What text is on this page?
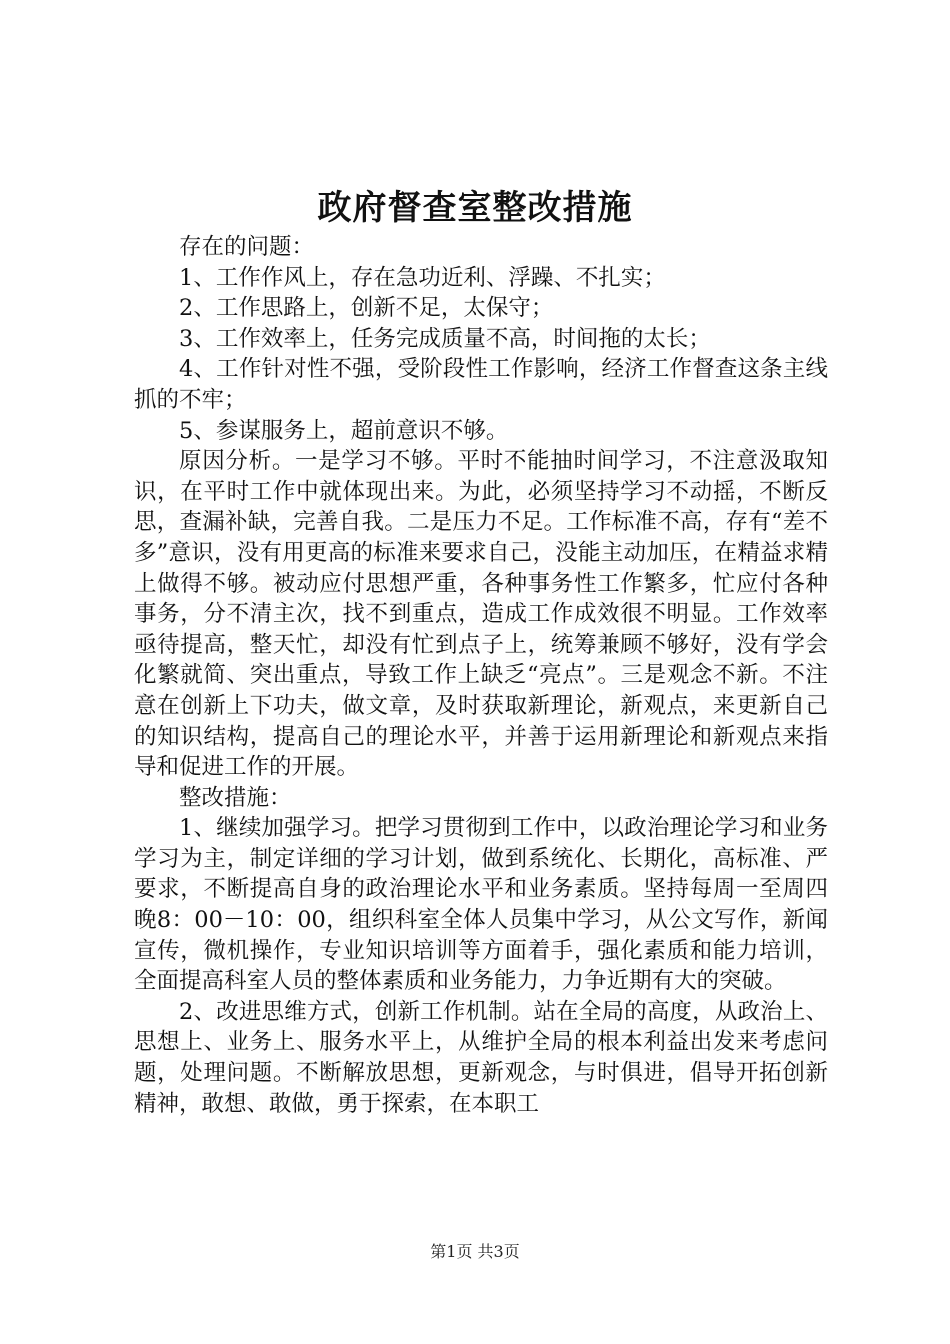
政府督查室整改措施

存在的问题：

1、工作作风上，存在急功近利、浮躁、不扎实；

2、工作思路上，创新不足，太保守；

3、工作效率上，任务完成质量不高，时间拖的太长；

4、工作针对性不强，受阶段性工作影响，经济工作督查这条主线抓的不牢；

5、参谋服务上，超前意识不够。

原因分析。一是学习不够。平时不能抽时间学习，不注意汲取知识，在平时工作中就体现出来。为此，必须坚持学习不动摇，不断反思，查漏补缺，完善自我。二是压力不足。工作标准不高，存有“差不多”意识，没有用更高的标准来要求自己，没能主动加压，在精益求精上做得不够。被动应付思想严重，各种事务性工作繁多，忙应付各种事务，分不清主次，找不到重点，造成工作成效很不明显。工作效率亟待提高，整天忙，却没有忙到点子上，统筹兼顾不够好，没有学会化繁就简、突出重点，导致工作上缺乏“亮点”。三是观念不新。不注意在创新上下功夫，做文章，及时获取新理论，新观点，来更新自己的知识结构，提高自己的理论水平，并善于运用新理论和新观点来指导和促进工作的开展。

整改措施：

1、继续加强学习。把学习贯彻到工作中，以政治理论学习和业务学习为主，制定详细的学习计划，做到系统化、长期化，高标准、严要求，不断提高自身的政治理论水平和业务素质。坚持每周一至周四晚8：00－10：00，组织科室全体人员集中学习，从公文写作，新闻宣传，微机操作，专业知识培训等方面着手，强化素质和能力培训，全面提高科室人员的整体素质和业务能力，力争近期有大的突破。

2、改进思维方式，创新工作机制。站在全局的高度，从政治上、思想上、业务上、服务水平上，从维护全局的根本利益出发来考虑问题，处理问题。不断解放思想，更新观念，与时俱进，倡导开拓创新精神，敢想、敢做，勇于探索，在本职工

第1页 共3页
